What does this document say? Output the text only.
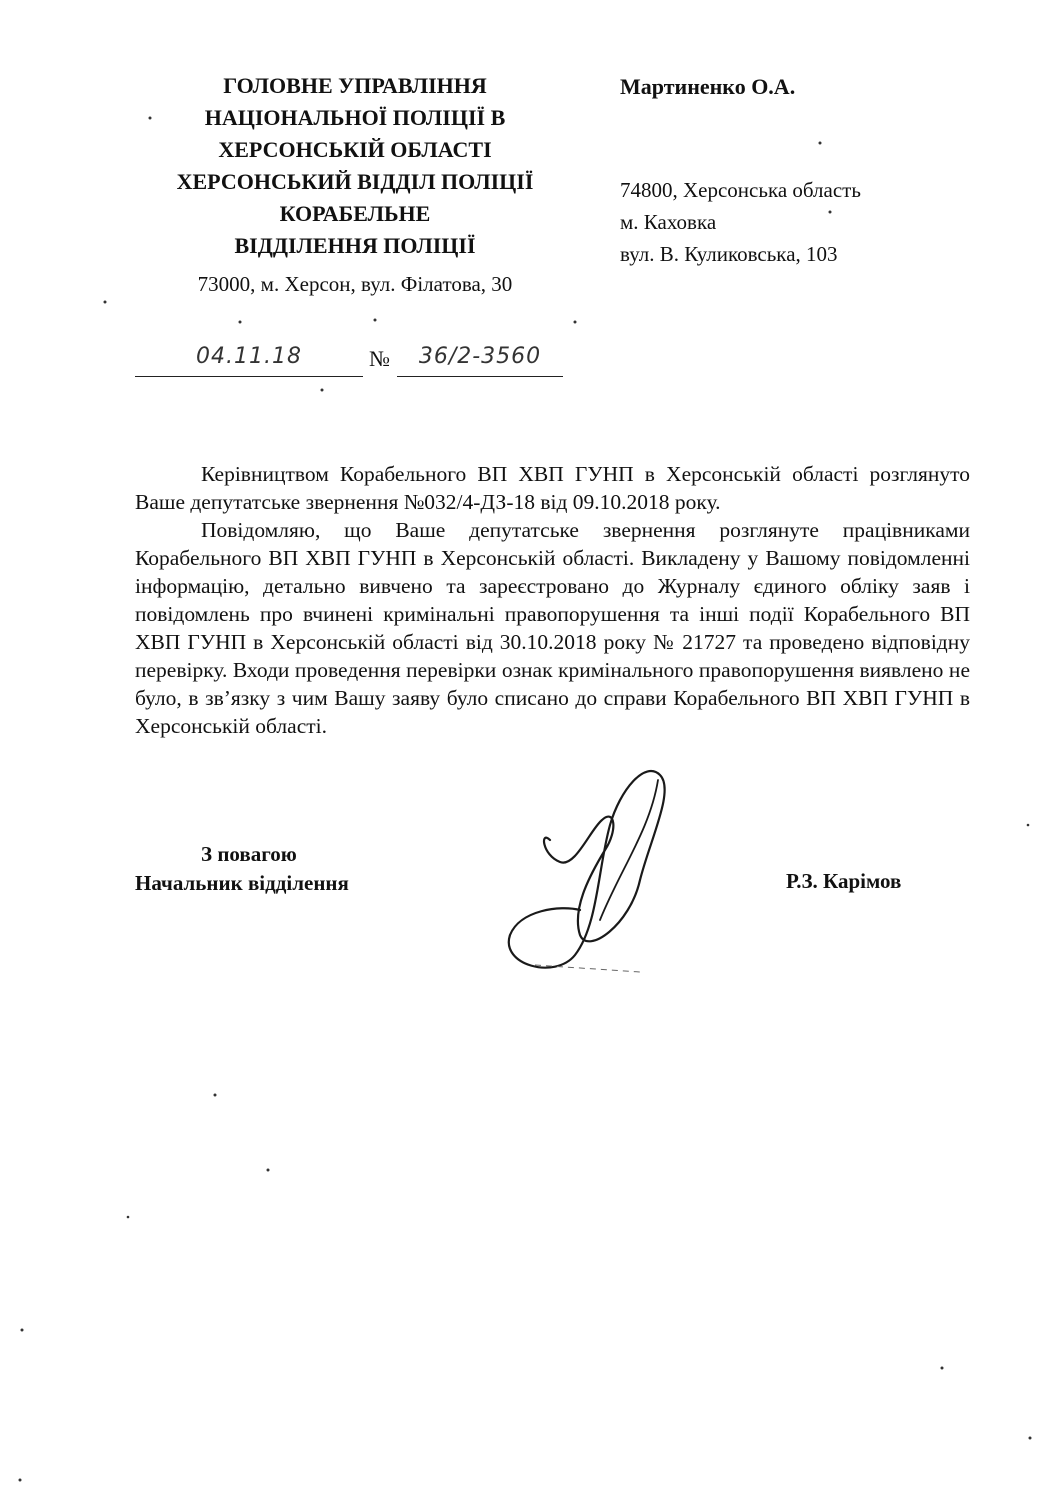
ГОЛОВНЕ УПРАВЛІННЯ
НАЦІОНАЛЬНОЇ ПОЛІЦІЇ В
ХЕРСОНСЬКІЙ ОБЛАСТІ
ХЕРСОНСЬКИЙ ВІДДІЛ ПОЛІЦІЇ
КОРАБЕЛЬНЕ
ВІДДІЛЕННЯ ПОЛІЦІЇ
73000, м. Херсон, вул. Філатова, 30
Мартиненко О.А.
74800, Херсонська область
м. Каховка
вул. В. Куликовська, 103
04.11.18	№	36/2-3560

Керівництвом Корабельного ВП ХВП ГУНП в Херсонській області розглянуто Ваше депутатське звернення №032/4-ДЗ-18 від 09.10.2018 року.

Повідомляю, що Ваше депутатське звернення розглянуте працівниками Корабельного ВП ХВП ГУНП в Херсонській області. Викладену у Вашому повідомленні інформацію, детально вивчено та зареєстровано до Журналу єдиного обліку заяв і повідомлень про вчинені кримінальні правопорушення та інші події Корабельного ВП ХВП ГУНП в Херсонській області від 30.10.2018 року № 21727 та проведено відповідну перевірку. Входи проведення перевірки ознак кримінального правопорушення виявлено не було, в зв’язку з чим Вашу заяву було списано до справи Корабельного ВП ХВП ГУНП в Херсонській області.

З повагою
Начальник відділення	Р.З. Карімов
